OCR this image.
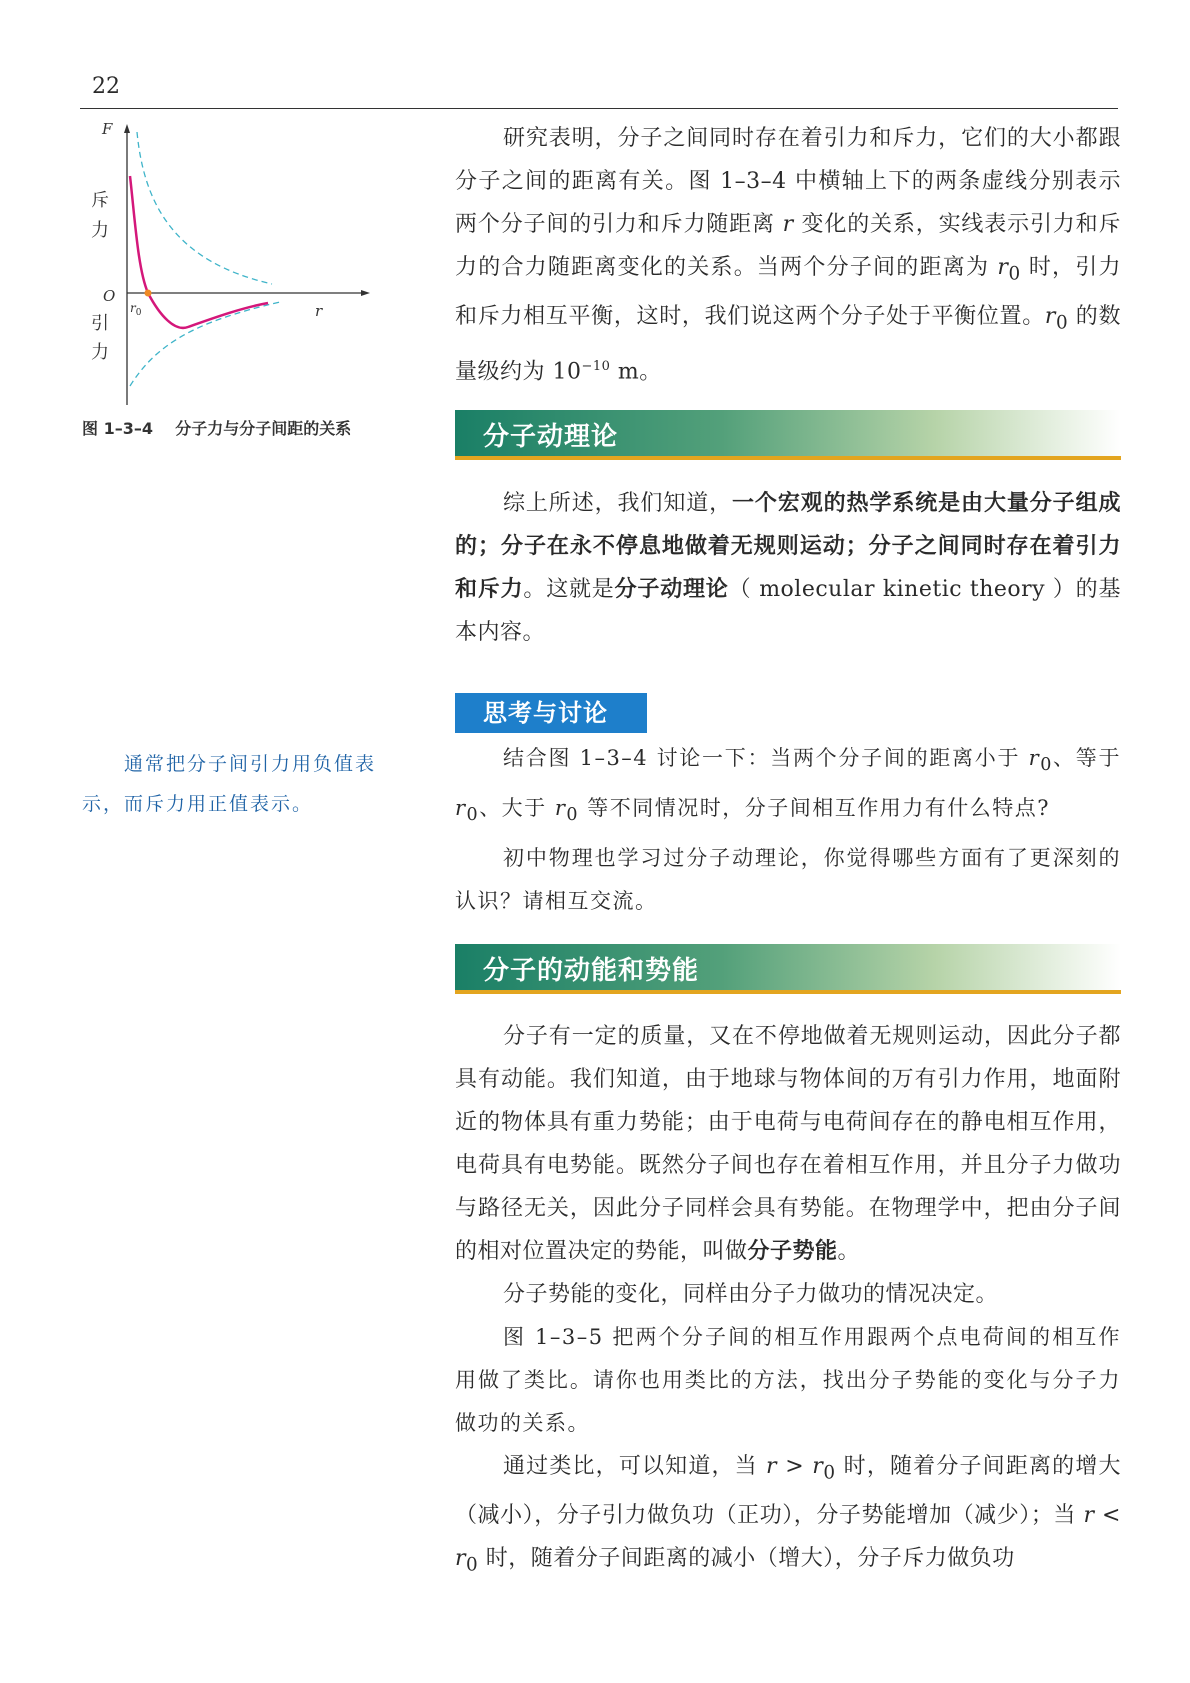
22
F
r
O
$r_0$
斥
力
引
力
图 1–3–4    分子力与分子间距的关系
通常把分子间引力用负值表示，而斥力用正值表示。

研究表明，分子之间同时存在着引力和斥力，它们的大小都跟分子之间的距离有关。图 1–3–4 中横轴上下的两条虚线分别表示两个分子间的引力和斥力随距离 r 变化的关系，实线表示引力和斥力的合力随距离变化的关系。当两个分子间的距离为 $r_0$ 时，引力和斥力相互平衡，这时，我们说这两个分子处于平衡位置。$r_0$ 的数量级约为 $10^{-10}$ m。

分子动理论

综上所述，我们知道，一个宏观的热学系统是由大量分子组成的；分子在永不停息地做着无规则运动；分子之间同时存在着引力和斥力。这就是分子动理论（ molecular kinetic theory ）的基本内容。

思考与讨论

结合图 1–3–4 讨论一下：当两个分子间的距离小于 $r_0$、等于 $r_0$、大于 $r_0$ 等不同情况时，分子间相互作用力有什么特点?

初中物理也学习过分子动理论，你觉得哪些方面有了更深刻的认识？请相互交流。

分子的动能和势能

分子有一定的质量，又在不停地做着无规则运动，因此分子都具有动能。我们知道，由于地球与物体间的万有引力作用，地面附近的物体具有重力势能；由于电荷与电荷间存在的静电相互作用，电荷具有电势能。既然分子间也存在着相互作用，并且分子力做功与路径无关，因此分子同样会具有势能。在物理学中，把由分子间的相对位置决定的势能，叫做分子势能。

分子势能的变化，同样由分子力做功的情况决定。

图 1–3–5 把两个分子间的相互作用跟两个点电荷间的相互作用做了类比。请你也用类比的方法，找出分子势能的变化与分子力做功的关系。

通过类比，可以知道，当 $r > r_0$ 时，随着分子间距离的增大（减小），分子引力做负功（正功），分子势能增加（减少）；当 $r < r_0$ 时，随着分子间距离的减小（增大），分子斥力做负功
